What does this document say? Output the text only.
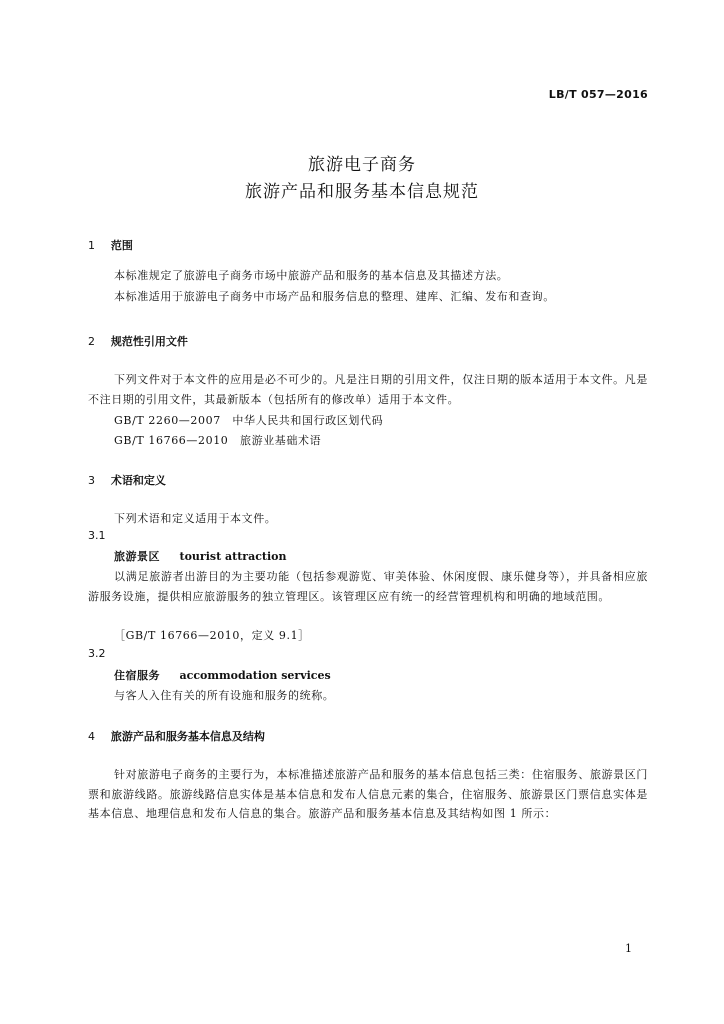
LB/T 057—2016
旅游电子商务
旅游产品和服务基本信息规范
1 范围
本标准规定了旅游电子商务市场中旅游产品和服务的基本信息及其描述方法。
本标准适用于旅游电子商务中市场产品和服务信息的整理、建库、汇编、发布和查询。
2 规范性引用文件
下列文件对于本文件的应用是必不可少的。凡是注日期的引用文件，仅注日期的版本适用于本文件。凡是不注日期的引用文件，其最新版本（包括所有的修改单）适用于本文件。
GB/T 2260—2007　中华人民共和国行政区划代码
GB/T 16766—2010　旅游业基础术语
3 术语和定义
下列术语和定义适用于本文件。
3.1
旅游景区 tourist attraction
以满足旅游者出游目的为主要功能（包括参观游览、审美体验、休闲度假、康乐健身等），并具备相应旅游服务设施，提供相应旅游服务的独立管理区。该管理区应有统一的经营管理机构和明确的地域范围。
［GB/T 16766—2010，定义 9.1］
3.2
住宿服务 accommodation services
与客人入住有关的所有设施和服务的统称。
4 旅游产品和服务基本信息及结构
针对旅游电子商务的主要行为，本标准描述旅游产品和服务的基本信息包括三类：住宿服务、旅游景区门票和旅游线路。旅游线路信息实体是基本信息和发布人信息元素的集合，住宿服务、旅游景区门票信息实体是基本信息、地理信息和发布人信息的集合。旅游产品和服务基本信息及其结构如图 1 所示：
1
